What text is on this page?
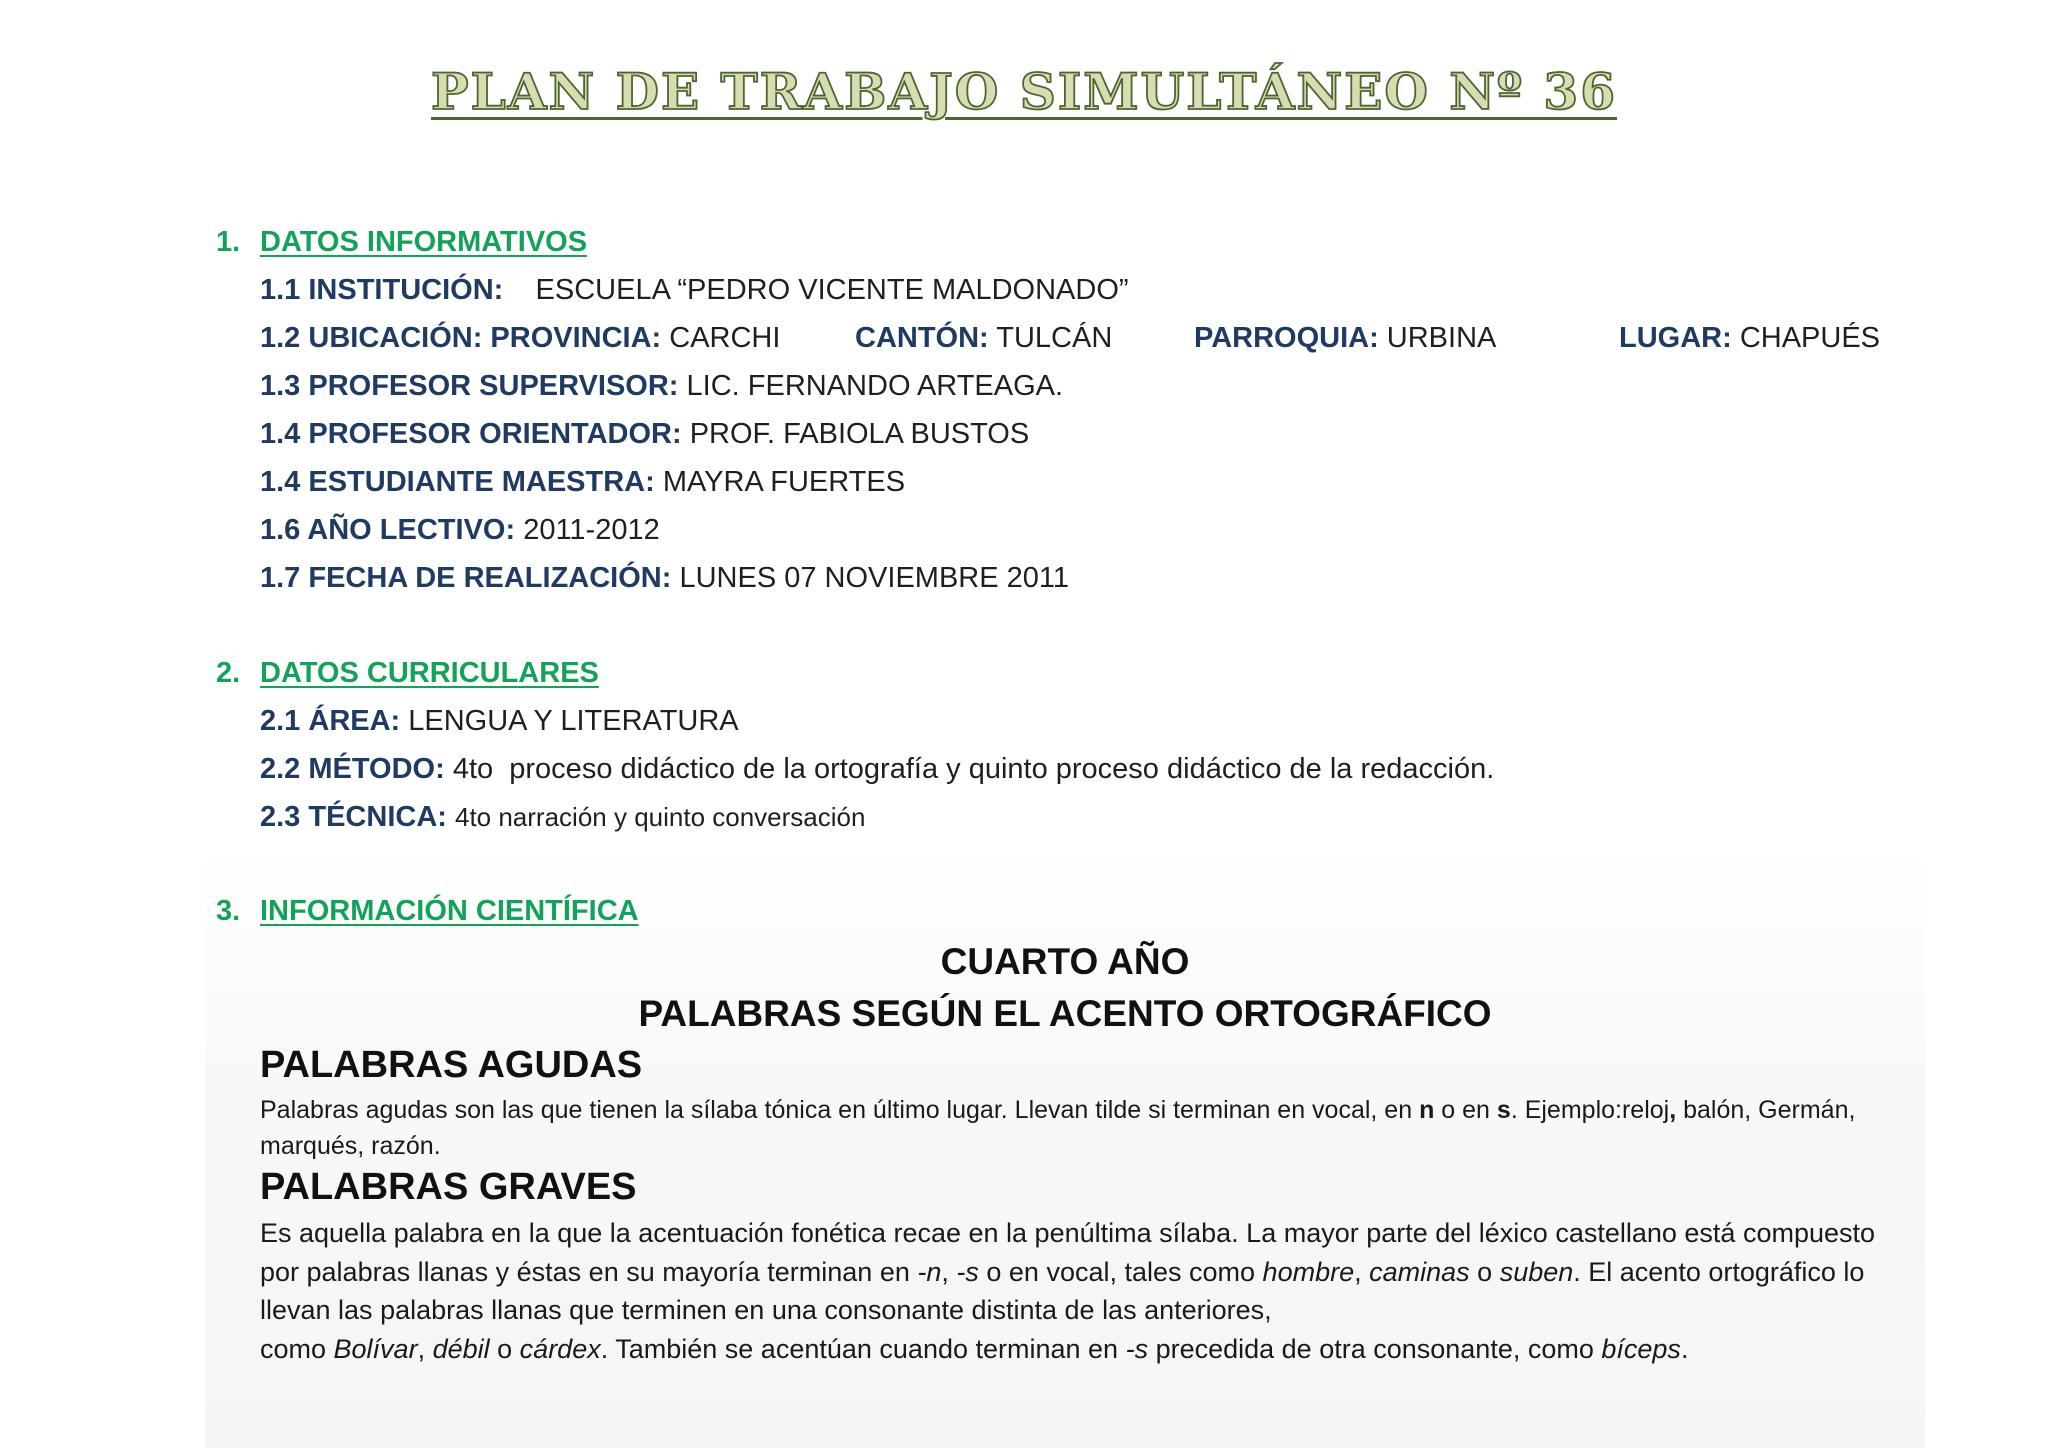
PLAN DE TRABAJO SIMULTÁNEO Nº 36
1. DATOS INFORMATIVOS
1.1 INSTITUCIÓN: ESCUELA “PEDRO VICENTE MALDONADO”
1.2 UBICACIÓN: PROVINCIA: CARCHI	CANTÓN: TULCÁN	PARROQUIA: URBINA	LUGAR: CHAPUÉS
1.3 PROFESOR SUPERVISOR: LIC. FERNANDO ARTEAGA.
1.4 PROFESOR ORIENTADOR: PROF. FABIOLA BUSTOS
1.4 ESTUDIANTE MAESTRA: MAYRA FUERTES
1.6 AÑO LECTIVO: 2011-2012
1.7 FECHA DE REALIZACIÓN: LUNES 07 NOVIEMBRE 2011
2. DATOS CURRICULARES
2.1 ÁREA: LENGUA Y LITERATURA
2.2 MÉTODO: 4to  proceso didáctico de la ortografía y quinto proceso didáctico de la redacción.
2.3 TÉCNICA: 4to narración y quinto conversación
3. INFORMACIÓN CIENTÍFICA
CUARTO AÑO
PALABRAS SEGÚN EL ACENTO ORTOGRÁFICO
PALABRAS AGUDAS
Palabras agudas son las que tienen la sílaba tónica en último lugar. Llevan tilde si terminan en vocal, en n o en s. Ejemplo:reloj, balón, Germán, marqués, razón.
PALABRAS GRAVES
Es aquella palabra en la que la acentuación fonética recae en la penúltima sílaba. La mayor parte del léxico castellano está compuesto por palabras llanas y éstas en su mayoría terminan en -n, -s o en vocal, tales como hombre, caminas o suben. El acento ortográfico lo llevan las palabras llanas que terminen en una consonante distinta de las anteriores,
como Bolívar, débil o cárdex. También se acentúan cuando terminan en -s precedida de otra consonante, como bíceps.
